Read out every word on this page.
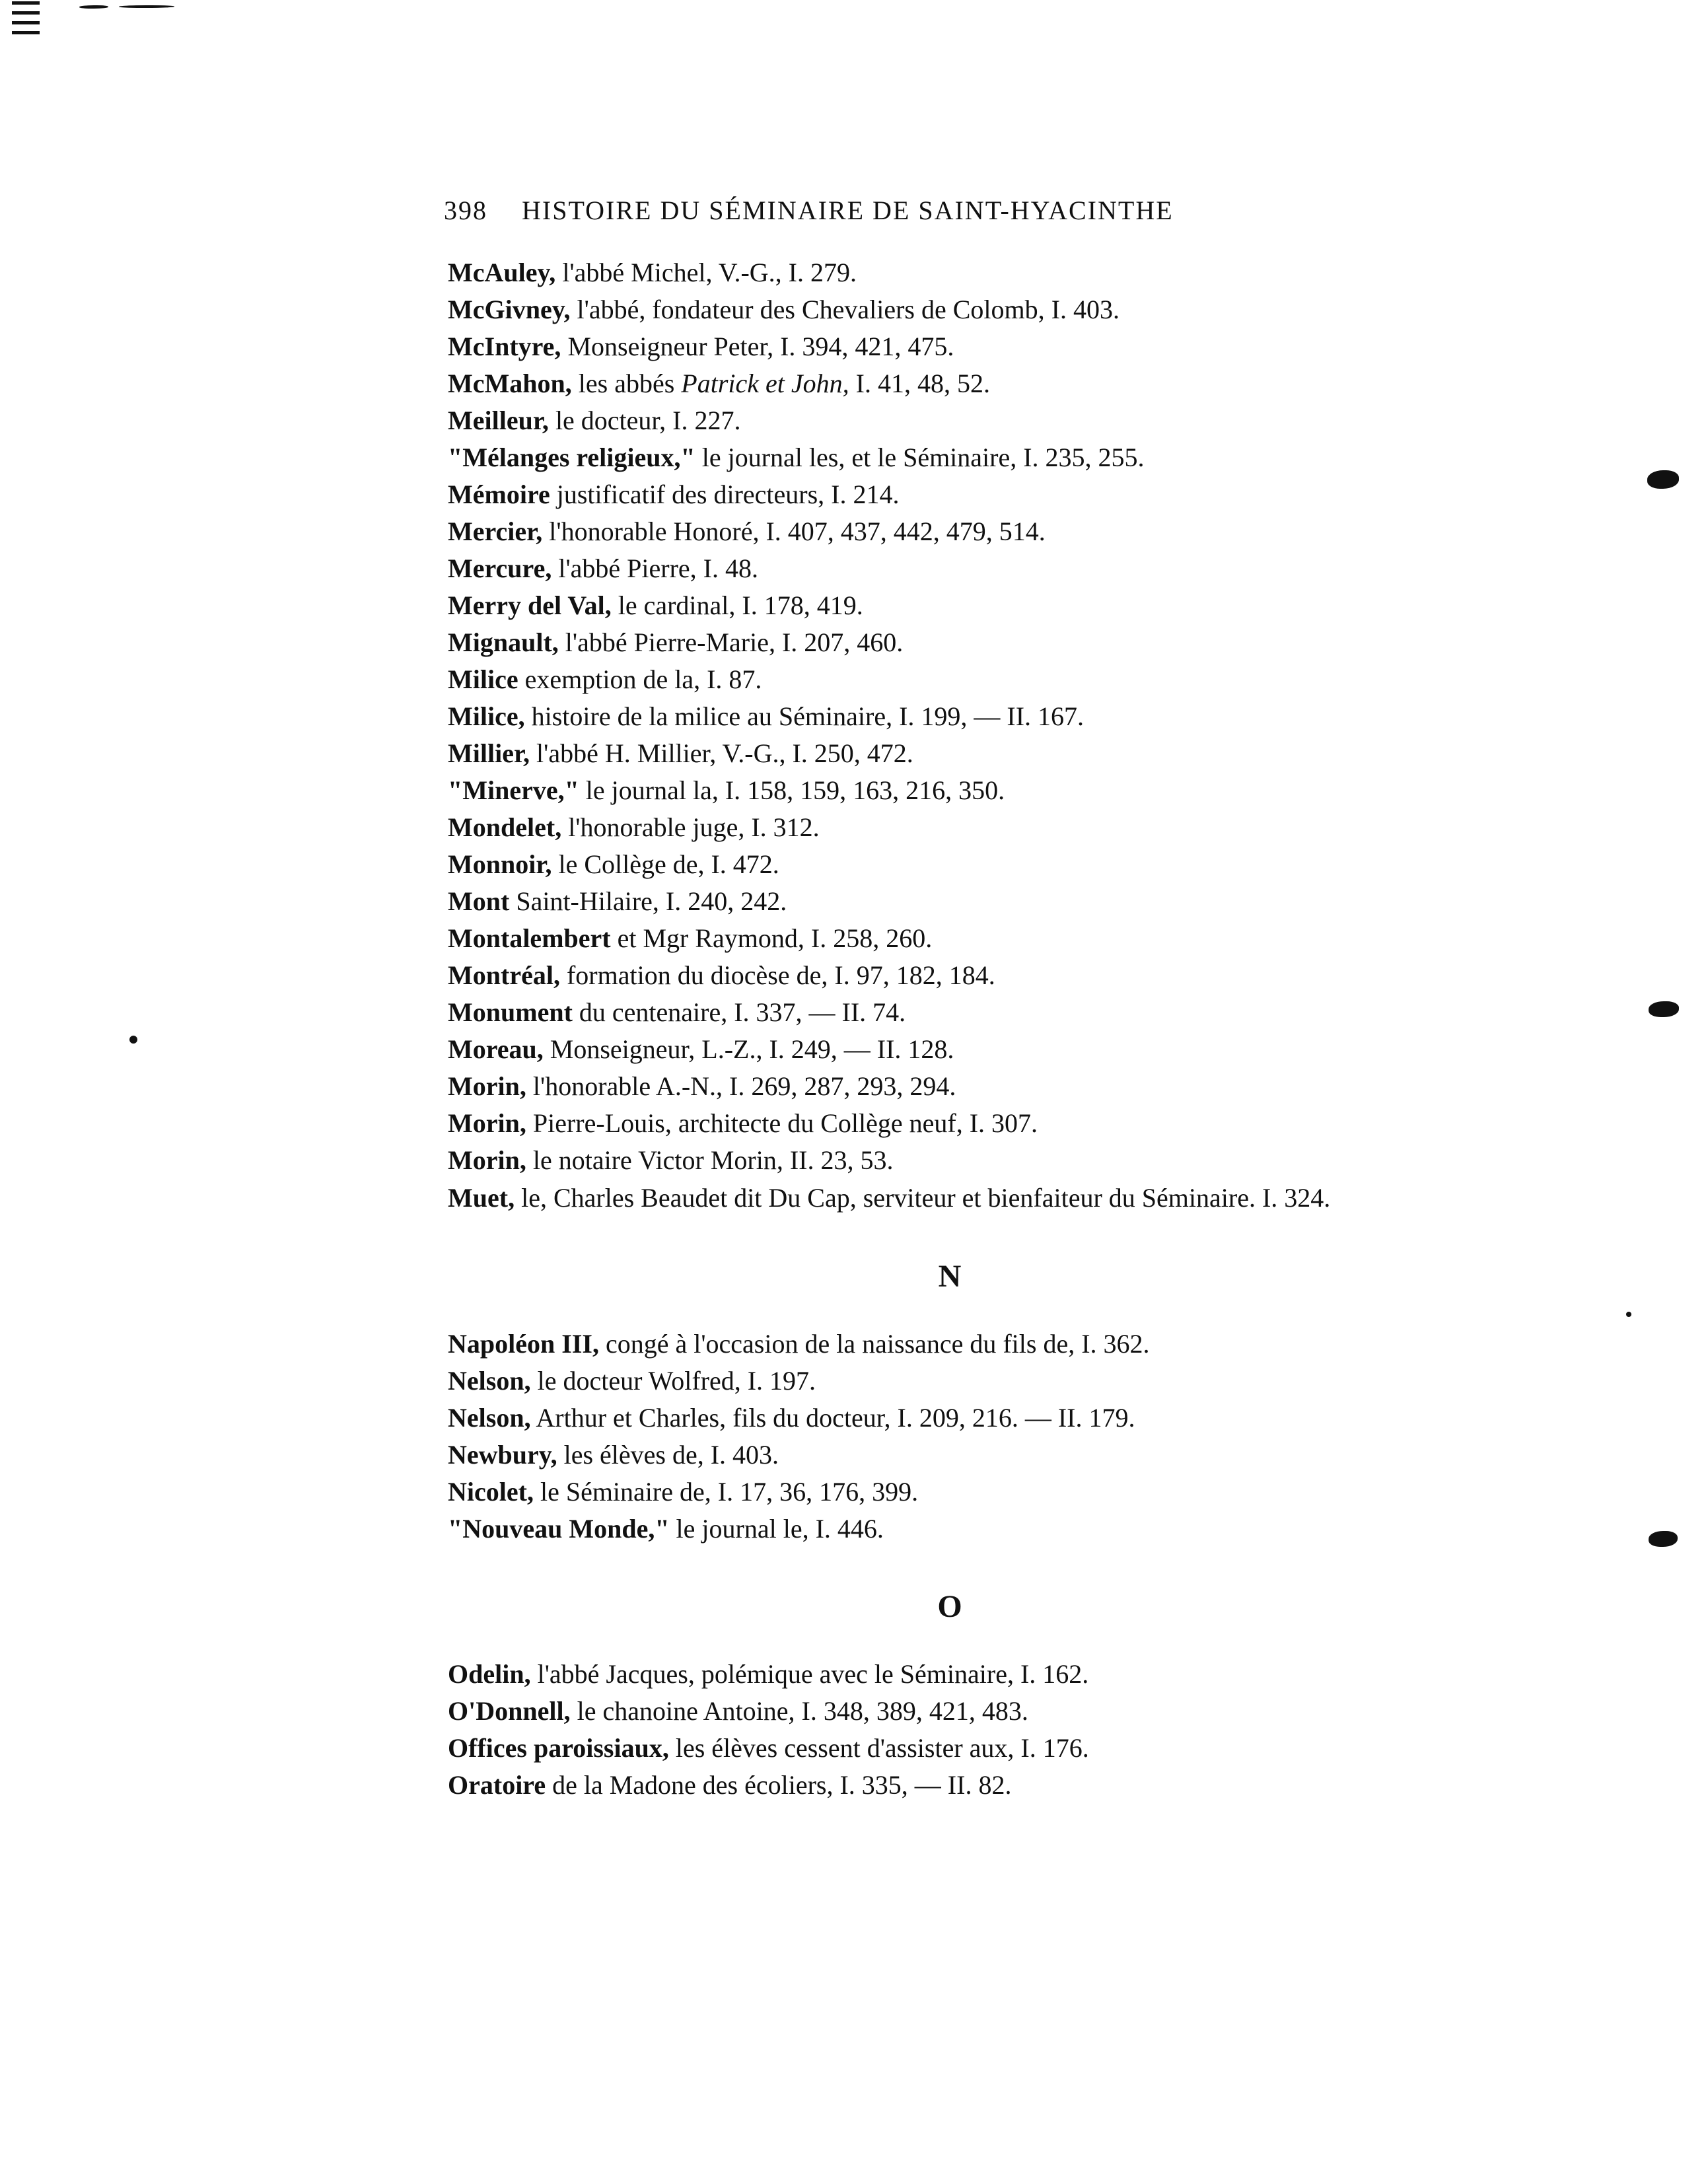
398 HISTOIRE DU SÉMINAIRE DE SAINT-HYACINTHE
McAuley, l'abbé Michel, V.-G., I. 279.
McGivney, l'abbé, fondateur des Chevaliers de Colomb, I. 403.
McIntyre, Monseigneur Peter, I. 394, 421, 475.
McMahon, les abbés Patrick et John, I. 41, 48, 52.
Meilleur, le docteur, I. 227.
"Mélanges religieux," le journal les, et le Séminaire, I. 235, 255.
Mémoire justificatif des directeurs, I. 214.
Mercier, l'honorable Honoré, I. 407, 437, 442, 479, 514.
Mercure, l'abbé Pierre, I. 48.
Merry del Val, le cardinal, I. 178, 419.
Mignault, l'abbé Pierre-Marie, I. 207, 460.
Milice exemption de la, I. 87.
Milice, histoire de la milice au Séminaire, I. 199, — II. 167.
Millier, l'abbé H. Millier, V.-G., I. 250, 472.
"Minerve," le journal la, I. 158, 159, 163, 216, 350.
Mondelet, l'honorable juge, I. 312.
Monnoir, le Collège de, I. 472.
Mont Saint-Hilaire, I. 240, 242.
Montalembert et Mgr Raymond, I. 258, 260.
Montréal, formation du diocèse de, I. 97, 182, 184.
Monument du centenaire, I. 337, — II. 74.
Moreau, Monseigneur, L.-Z., I. 249, — II. 128.
Morin, l'honorable A.-N., I. 269, 287, 293, 294.
Morin, Pierre-Louis, architecte du Collège neuf, I. 307.
Morin, le notaire Victor Morin, II. 23, 53.
Muet, le, Charles Beaudet dit Du Cap, serviteur et bienfaiteur du Séminaire. I. 324.
N
Napoléon III, congé à l'occasion de la naissance du fils de, I. 362.
Nelson, le docteur Wolfred, I. 197.
Nelson, Arthur et Charles, fils du docteur, I. 209, 216. — II. 179.
Newbury, les élèves de, I. 403.
Nicolet, le Séminaire de, I. 17, 36, 176, 399.
"Nouveau Monde," le journal le, I. 446.
O
Odelin, l'abbé Jacques, polémique avec le Séminaire, I. 162.
O'Donnell, le chanoine Antoine, I. 348, 389, 421, 483.
Offices paroissiaux, les élèves cessent d'assister aux, I. 176.
Oratoire de la Madone des écoliers, I. 335, — II. 82.
